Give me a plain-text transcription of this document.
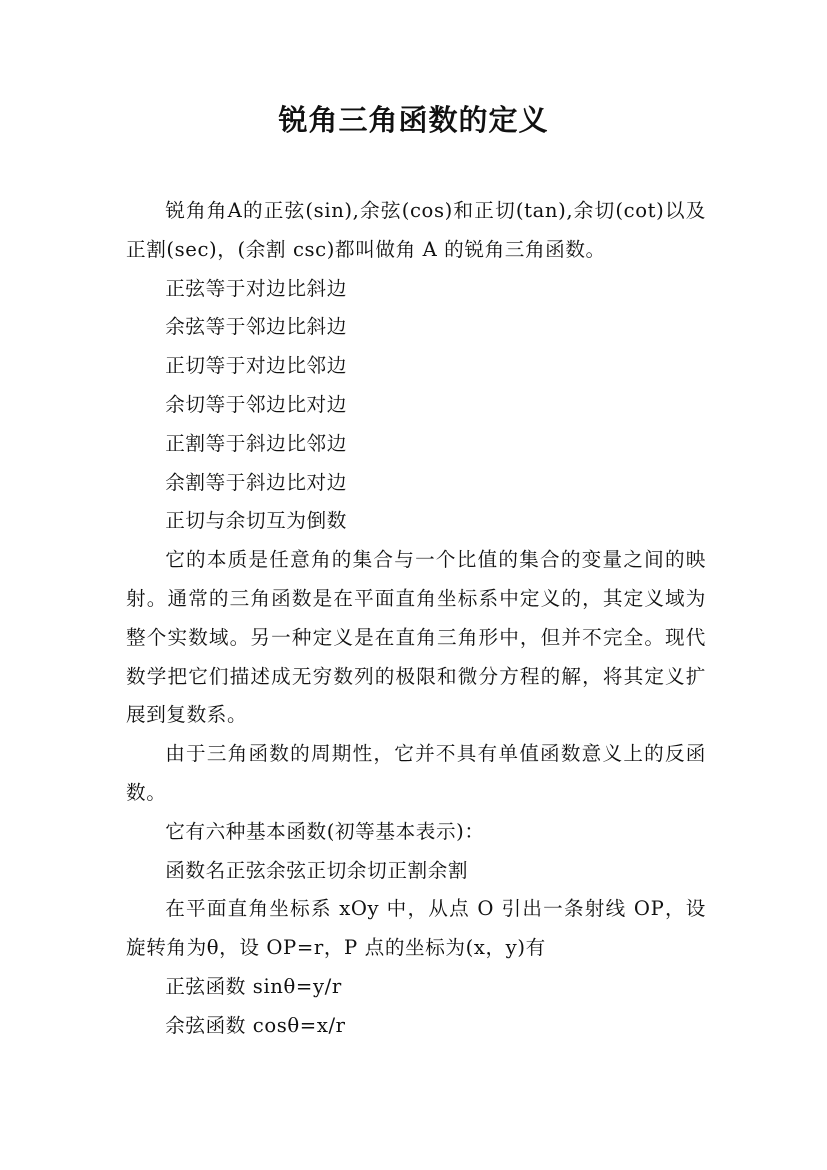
锐角三角函数的定义

锐角角A的正弦(sin),余弦(cos)和正切(tan),余切(cot)以及正割(sec)，(余割 csc)都叫做角 A 的锐角三角函数。

正弦等于对边比斜边

余弦等于邻边比斜边

正切等于对边比邻边

余切等于邻边比对边

正割等于斜边比邻边

余割等于斜边比对边

正切与余切互为倒数

它的本质是任意角的集合与一个比值的集合的变量之间的映射。通常的三角函数是在平面直角坐标系中定义的，其定义域为整个实数域。另一种定义是在直角三角形中，但并不完全。现代数学把它们描述成无穷数列的极限和微分方程的解，将其定义扩展到复数系。

由于三角函数的周期性，它并不具有单值函数意义上的反函数。

它有六种基本函数(初等基本表示)：

函数名正弦余弦正切余切正割余割

在平面直角坐标系 xOy 中，从点 O 引出一条射线 OP，设旋转角为θ，设 OP=r，P 点的坐标为(x，y)有

正弦函数 sinθ=y/r

余弦函数 cosθ=x/r
